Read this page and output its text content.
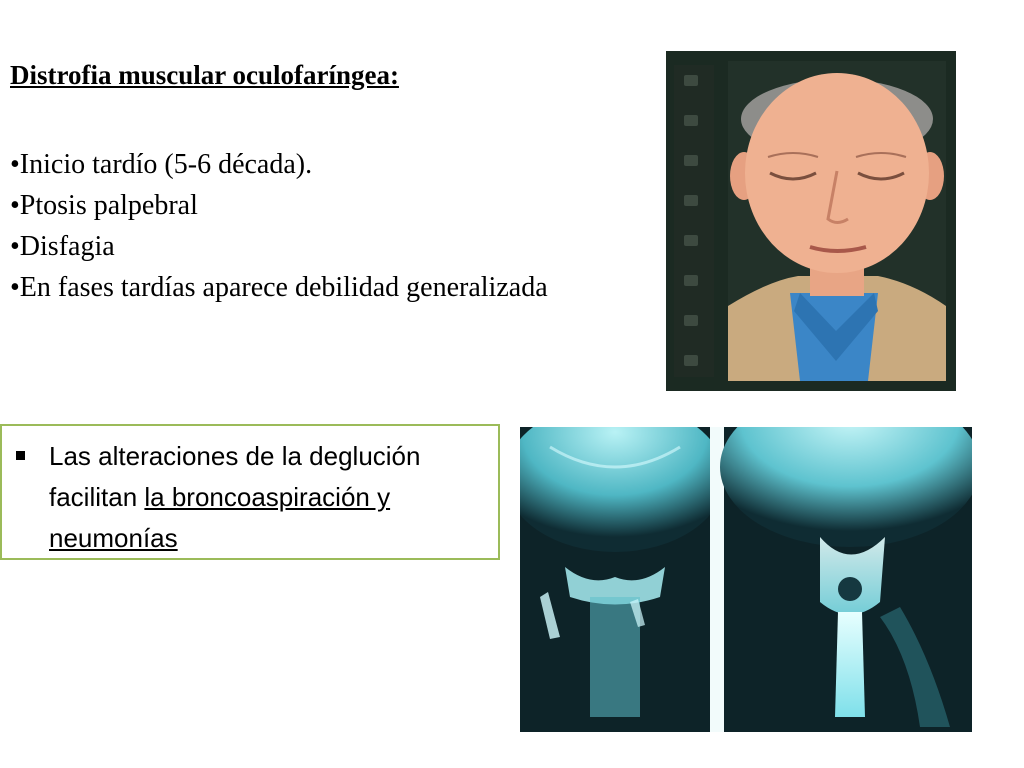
Distrofia muscular oculofaríngea:
•Inicio tardío (5-6 década).
•Ptosis palpebral
•Disfagia
•En fases tardías aparece debilidad generalizada
Las alteraciones de la deglución facilitan la broncoaspiración y neumonías
